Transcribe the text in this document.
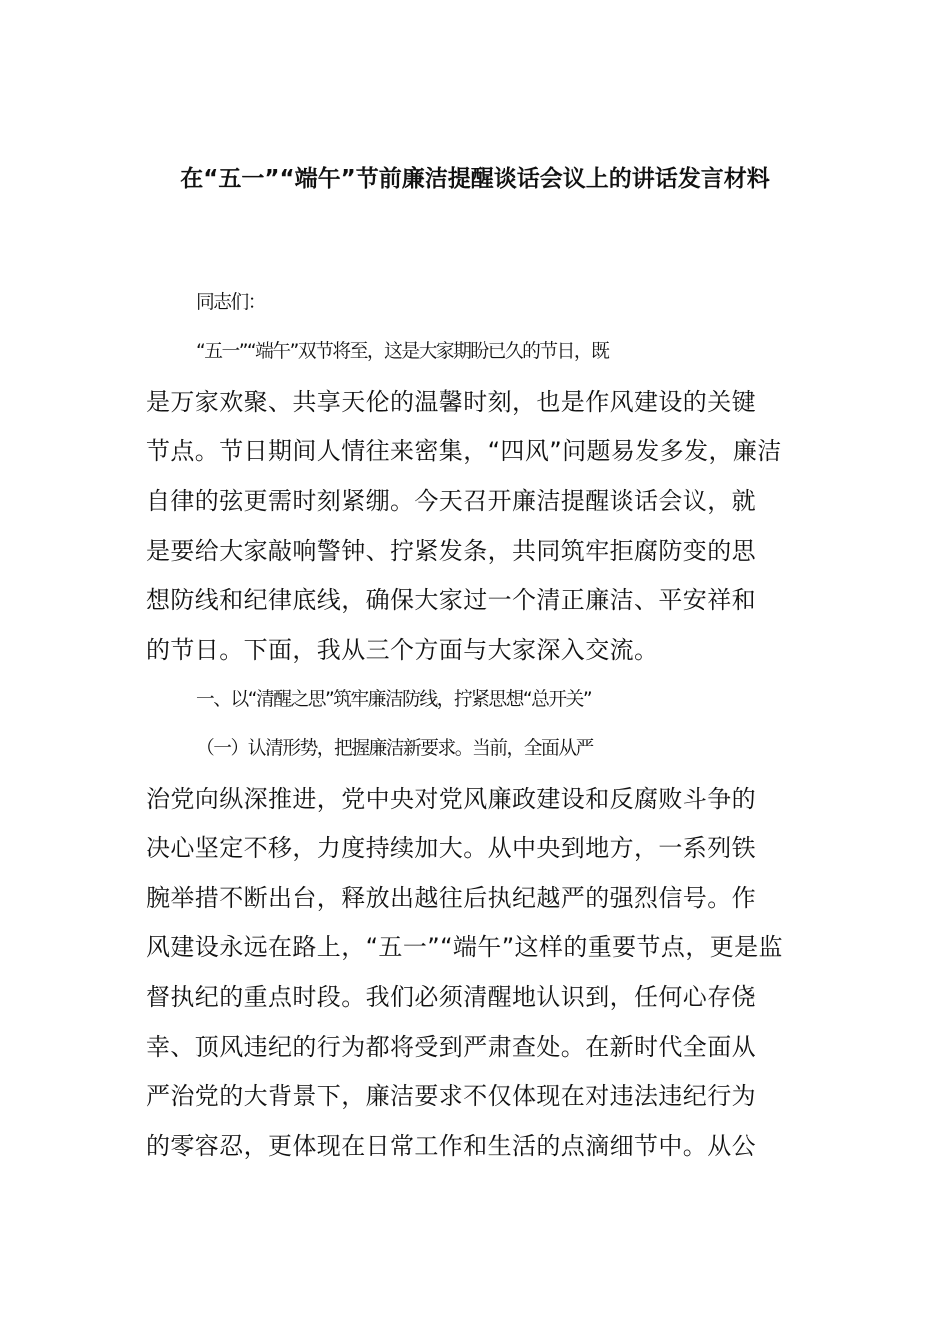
在“五一”“端午”节前廉洁提醒谈话会议上的讲话发言材料
同志们：
“五一”“端午”双节将至，这是大家期盼已久的节日，既
是万家欢聚、共享天伦的温馨时刻，也是作风建设的关键
节点。节日期间人情往来密集，“四风”问题易发多发，廉洁
自律的弦更需时刻紧绷。今天召开廉洁提醒谈话会议，就
是要给大家敲响警钟、拧紧发条，共同筑牢拒腐防变的思
想防线和纪律底线，确保大家过一个清正廉洁、平安祥和
的节日。下面，我从三个方面与大家深入交流。
一、以“清醒之思”筑牢廉洁防线，拧紧思想“总开关”
（一）认清形势，把握廉洁新要求。当前，全面从严
治党向纵深推进，党中央对党风廉政建设和反腐败斗争的
决心坚定不移，力度持续加大。从中央到地方，一系列铁
腕举措不断出台，释放出越往后执纪越严的强烈信号。作
风建设永远在路上，“五一”“端午”这样的重要节点，更是监
督执纪的重点时段。我们必须清醒地认识到，任何心存侥
幸、顶风违纪的行为都将受到严肃查处。在新时代全面从
严治党的大背景下，廉洁要求不仅体现在对违法违纪行为
的零容忍，更体现在日常工作和生活的点滴细节中。从公
